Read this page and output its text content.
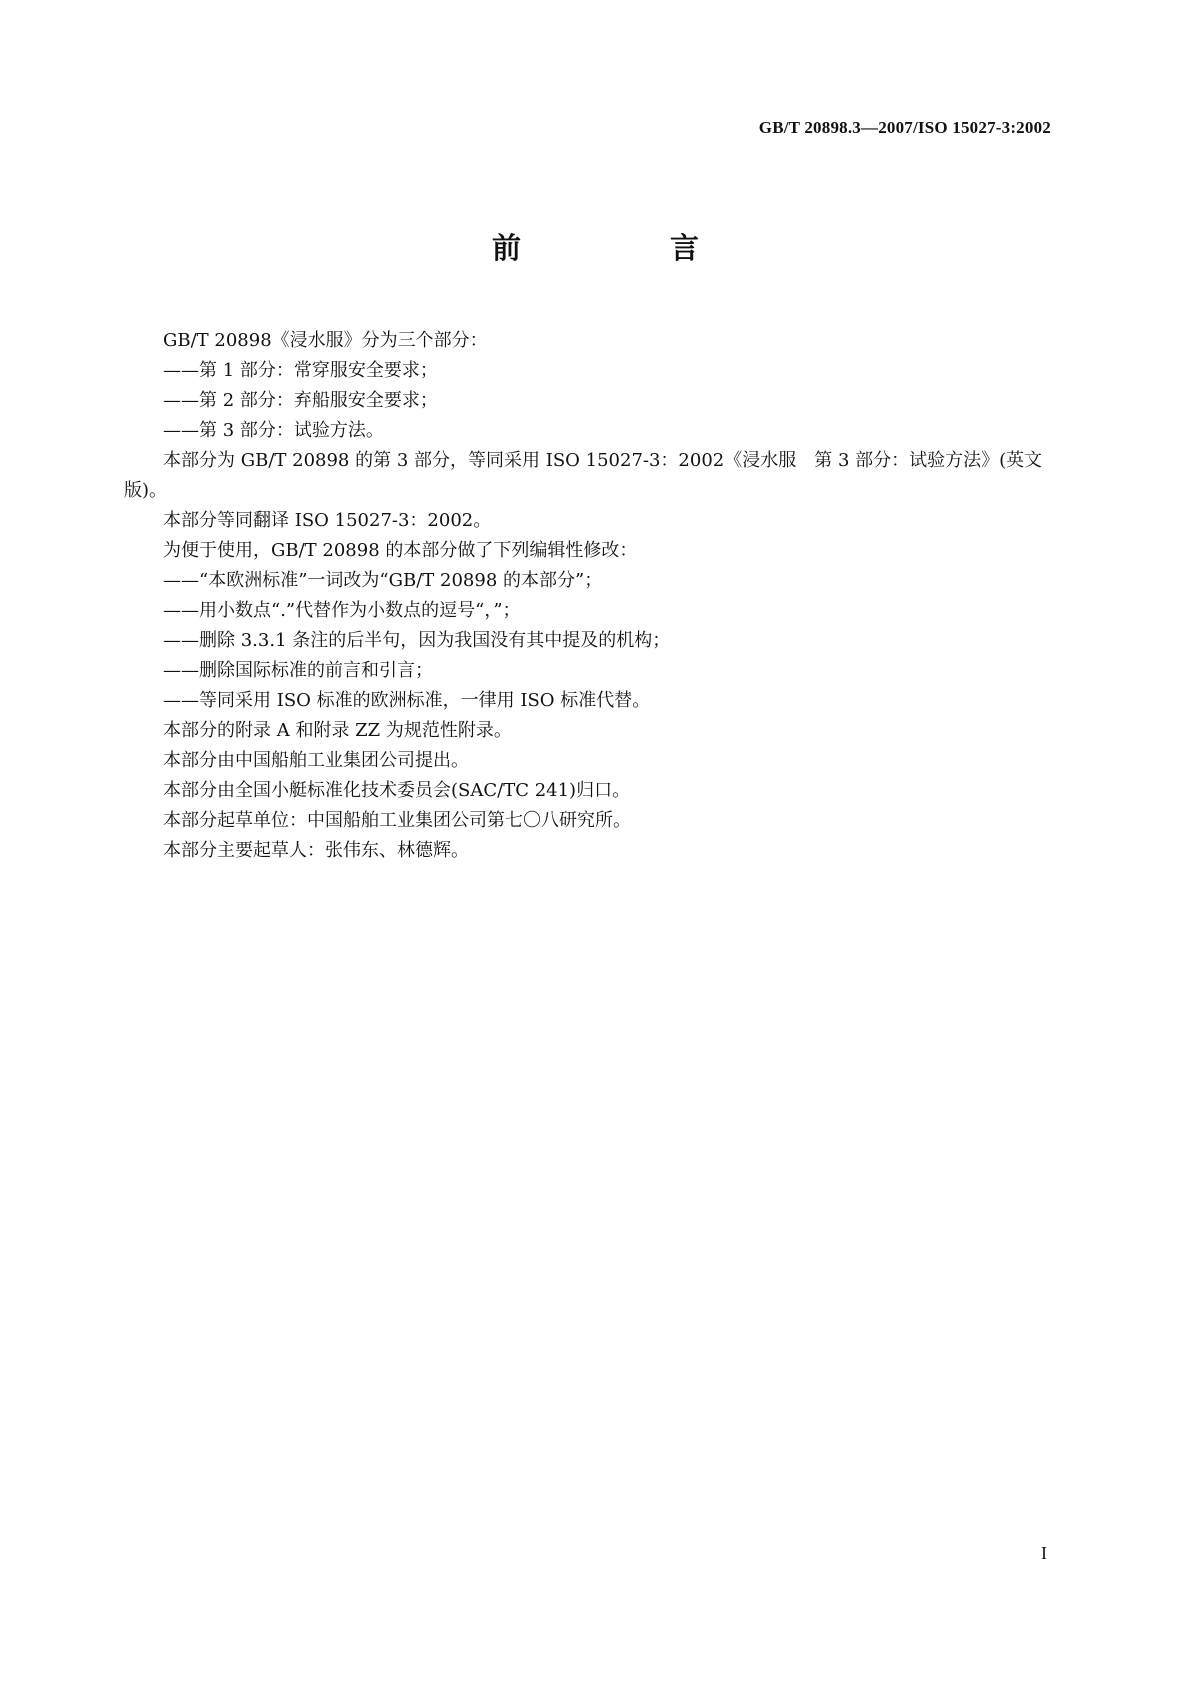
GB/T 20898.3—2007/ISO 15027-3:2002
前　言

GB/T 20898《浸水服》分为三个部分：

——第 1 部分：常穿服安全要求；

——第 2 部分：弃船服安全要求；

——第 3 部分：试验方法。

本部分为 GB/T 20898 的第 3 部分，等同采用 ISO 15027-3：2002《浸水服　第 3 部分：试验方法》(英文版)。

本部分等同翻译 ISO 15027-3：2002。

为便于使用，GB/T 20898 的本部分做了下列编辑性修改：

——“本欧洲标准”一词改为“GB/T 20898 的本部分”；

——用小数点“.”代替作为小数点的逗号“，”；

——删除 3.3.1 条注的后半句，因为我国没有其中提及的机构；

——删除国际标准的前言和引言；

——等同采用 ISO 标准的欧洲标准，一律用 ISO 标准代替。

本部分的附录 A 和附录 ZZ 为规范性附录。

本部分由中国船舶工业集团公司提出。

本部分由全国小艇标准化技术委员会(SAC/TC 241)归口。

本部分起草单位：中国船舶工业集团公司第七〇八研究所。

本部分主要起草人：张伟东、林德辉。

I
